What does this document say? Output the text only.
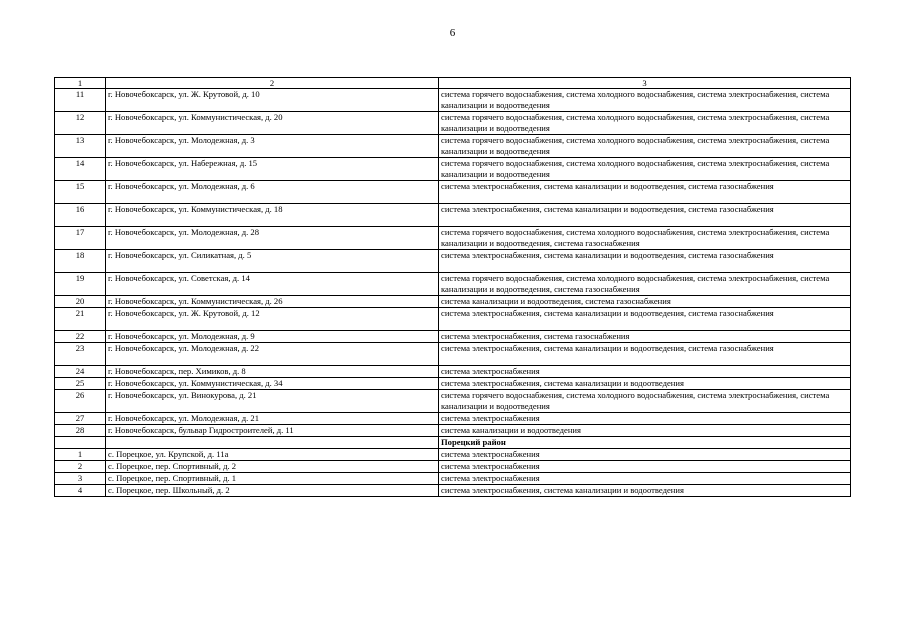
6
1	2	3
11	г. Новочебоксарск, ул. Ж. Крутовой, д. 10	система горячего водоснабжения, система холодного водоснабжения, система электроснабжения, система канализации и водоотведения
12	г. Новочебоксарск, ул. Коммунистическая, д. 20	система горячего водоснабжения, система холодного водоснабжения, система электроснабжения, система канализации и водоотведения
13	г. Новочебоксарск, ул. Молодежная, д. 3	система горячего водоснабжения, система холодного водоснабжения, система электроснабжения, система канализации и водоотведения
14	г. Новочебоксарск, ул. Набережная, д. 15	система горячего водоснабжения, система холодного водоснабжения, система электроснабжения, система канализации и водоотведения
15	г. Новочебоксарск, ул. Молодежная, д. 6	система электроснабжения, система канализации и водоотведения, система газоснабжения
16	г. Новочебоксарск, ул. Коммунистическая, д. 18	система электроснабжения, система канализации и водоотведения, система газоснабжения
17	г. Новочебоксарск, ул. Молодежная, д. 28	система горячего водоснабжения, система холодного водоснабжения, система электроснабжения, система канализации и водоотведения, система газоснабжения
18	г. Новочебоксарск, ул. Силикатная, д. 5	система электроснабжения, система канализации и водоотведения, система газоснабжения
19	г. Новочебоксарск, ул. Советская, д. 14	система горячего водоснабжения, система холодного водоснабжения, система электроснабжения, система канализации и водоотведения, система газоснабжения
20	г. Новочебоксарск, ул. Коммунистическая, д. 26	система канализации и водоотведения, система газоснабжения
21	г. Новочебоксарск, ул. Ж. Крутовой, д. 12	система электроснабжения, система канализации и водоотведения, система газоснабжения
22	г. Новочебоксарск, ул. Молодежная, д. 9	система электроснабжения, система газоснабжения
23	г. Новочебоксарск, ул. Молодежная, д. 22	система электроснабжения, система канализации и водоотведения, система газоснабжения
24	г. Новочебоксарск, пер. Химиков, д. 8	система электроснабжения
25	г. Новочебоксарск, ул. Коммунистическая, д. 34	система электроснабжения, система канализации и водоотведения
26	г. Новочебоксарск, ул. Винокурова, д. 21	система горячего водоснабжения, система холодного водоснабжения, система электроснабжения, система канализации и водоотведения
27	г. Новочебоксарск, ул. Молодежная, д. 21	система электроснабжения
28	г. Новочебоксарск, бульвар Гидростроителей, д. 11	система канализации и водоотведения
		Порецкий район
1	с. Порецкое, ул. Крупской, д. 11а	система электроснабжения
2	с. Порецкое, пер. Спортивный, д. 2	система электроснабжения
3	с. Порецкое, пер. Спортивный, д. 1	система электроснабжения
4	с. Порецкое, пер. Школьный, д. 2	система электроснабжения, система канализации и водоотведения
